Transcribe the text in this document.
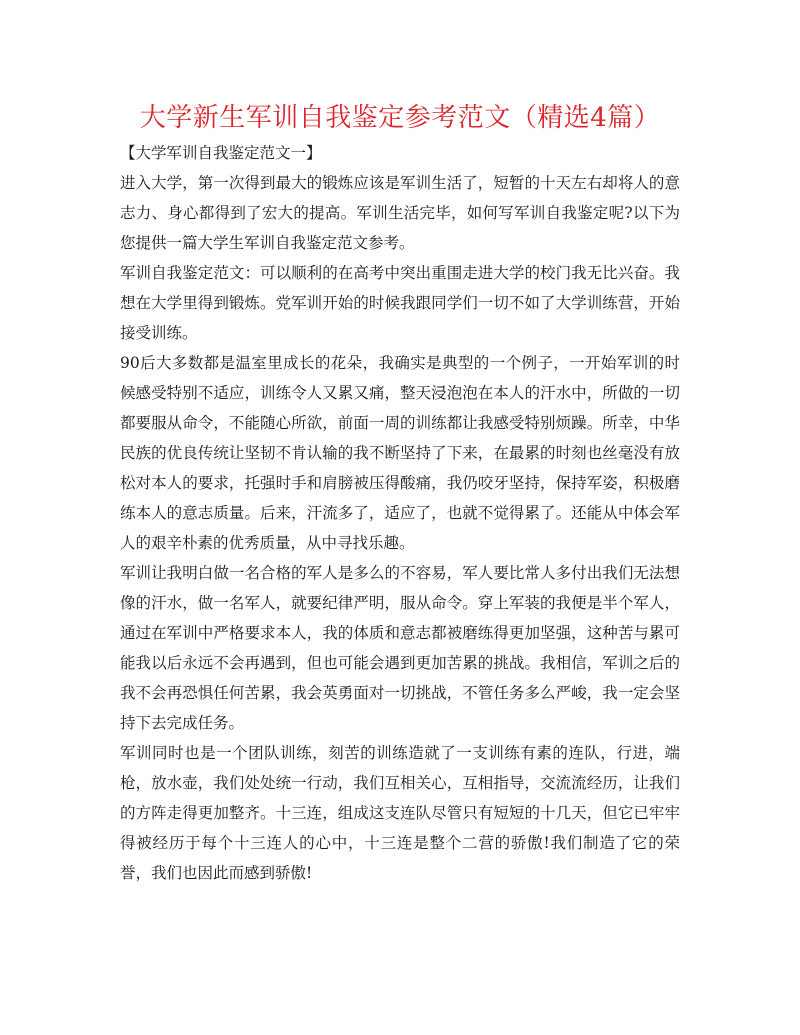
大学新生军训自我鉴定参考范文（精选4篇）

【大学军训自我鉴定范文一】

进入大学，第一次得到最大的锻炼应该是军训生活了，短暂的十天左右却将人的意志力、身心都得到了宏大的提高。军训生活完毕，如何写军训自我鉴定呢?以下为您提供一篇大学生军训自我鉴定范文参考。

军训自我鉴定范文：可以顺利的在高考中突出重围走进大学的校门我无比兴奋。我想在大学里得到锻炼。党军训开始的时候我跟同学们一切不如了大学训练营，开始接受训练。

90后大多数都是温室里成长的花朵，我确实是典型的一个例子，一开始军训的时候感受特别不适应，训练令人又累又痛，整天浸泡泡在本人的汗水中，所做的一切都要服从命令，不能随心所欲，前面一周的训练都让我感受特别烦躁。所幸，中华民族的优良传统让坚韧不肯认输的我不断坚持了下来，在最累的时刻也丝毫没有放松对本人的要求，托强时手和肩膀被压得酸痛，我仍咬牙坚持，保持军姿，积极磨练本人的意志质量。后来，汗流多了，适应了，也就不觉得累了。还能从中体会军人的艰辛朴素的优秀质量，从中寻找乐趣。

军训让我明白做一名合格的军人是多么的不容易，军人要比常人多付出我们无法想像的汗水，做一名军人，就要纪律严明，服从命令。穿上军装的我便是半个军人，通过在军训中严格要求本人，我的体质和意志都被磨练得更加坚强，这种苦与累可能我以后永远不会再遇到，但也可能会遇到更加苦累的挑战。我相信，军训之后的我不会再恐惧任何苦累，我会英勇面对一切挑战，不管任务多么严峻，我一定会坚持下去完成任务。

军训同时也是一个团队训练，刻苦的训练造就了一支训练有素的连队，行进，端枪，放水壶，我们处处统一行动，我们互相关心，互相指导，交流流经历，让我们的方阵走得更加整齐。十三连，组成这支连队尽管只有短短的十几天，但它已牢牢得被经历于每个十三连人的心中，十三连是整个二营的骄傲!我们制造了它的荣誉，我们也因此而感到骄傲!
